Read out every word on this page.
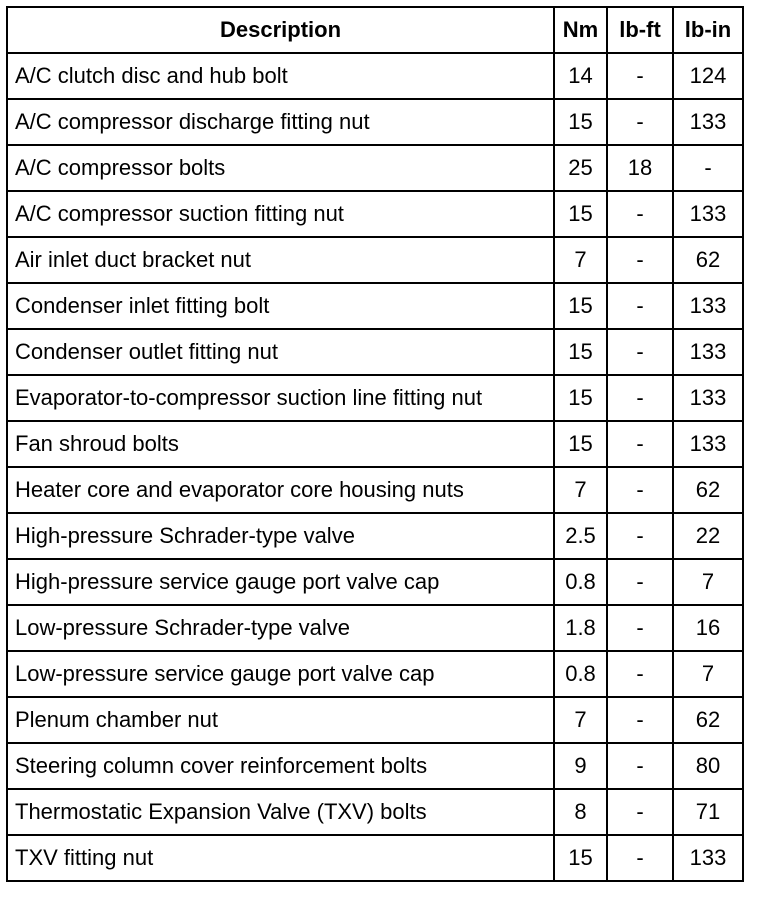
Description	Nm	lb-ft	lb-in
A/C clutch disc and hub bolt	14	-	124
A/C compressor discharge fitting nut	15	-	133
A/C compressor bolts	25	18	-
A/C compressor suction fitting nut	15	-	133
Air inlet duct bracket nut	7	-	62
Condenser inlet fitting bolt	15	-	133
Condenser outlet fitting nut	15	-	133
Evaporator-to-compressor suction line fitting nut	15	-	133
Fan shroud bolts	15	-	133
Heater core and evaporator core housing nuts	7	-	62
High-pressure Schrader-type valve	2.5	-	22
High-pressure service gauge port valve cap	0.8	-	7
Low-pressure Schrader-type valve	1.8	-	16
Low-pressure service gauge port valve cap	0.8	-	7
Plenum chamber nut	7	-	62
Steering column cover reinforcement bolts	9	-	80
Thermostatic Expansion Valve (TXV) bolts	8	-	71
TXV fitting nut	15	-	133
